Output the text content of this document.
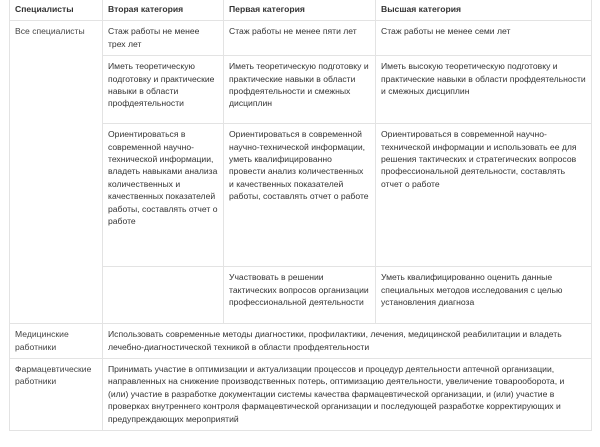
Специалисты	Вторая категория	Первая категория	Высшая категория
Все специалисты	Стаж работы не менее трех лет	Стаж работы не менее пяти лет	Стаж работы не менее семи лет
	Иметь теоретическую подготовку и практические навыки в области профдеятельности	Иметь теоретическую подготовку и практические навыки в области профдеятельности и смежных дисциплин	Иметь высокую теоретическую подготовку и практические навыки в области профдеятельности и смежных дисциплин
	Ориентироваться в современной научно-технической информации, владеть навыками анализа количественных и качественных показателей работы, составлять отчет о работе	Ориентироваться в современной научно-технической информации, уметь квалифицированно провести анализ количественных и качественных показателей работы, составлять отчет о работе	Ориентироваться в современной научно-технической информации и использовать ее для решения тактических и стратегических вопросов профессиональной деятельности, составлять отчет о работе
		Участвовать в решении тактических вопросов организации профессиональной деятельности	Уметь квалифицированно оценить данные специальных методов исследования с целью установления диагноза
Медицинские работники	Использовать современные методы диагностики, профилактики, лечения, медицинской реабилитации и владеть лечебно-диагностической техникой в области профдеятельности		
Фармацевтические работники	Принимать участие в оптимизации и актуализации процессов и процедур деятельности аптечной организации, направленных на снижение производственных потерь, оптимизацию деятельности, увеличение товарооборота, и (или) участие в разработке документации системы качества фармацевтической организации, и (или) участие в проверках внутреннего контроля фармацевтической организации и последующей разработке корректирующих и предупреждающих мероприятий		
